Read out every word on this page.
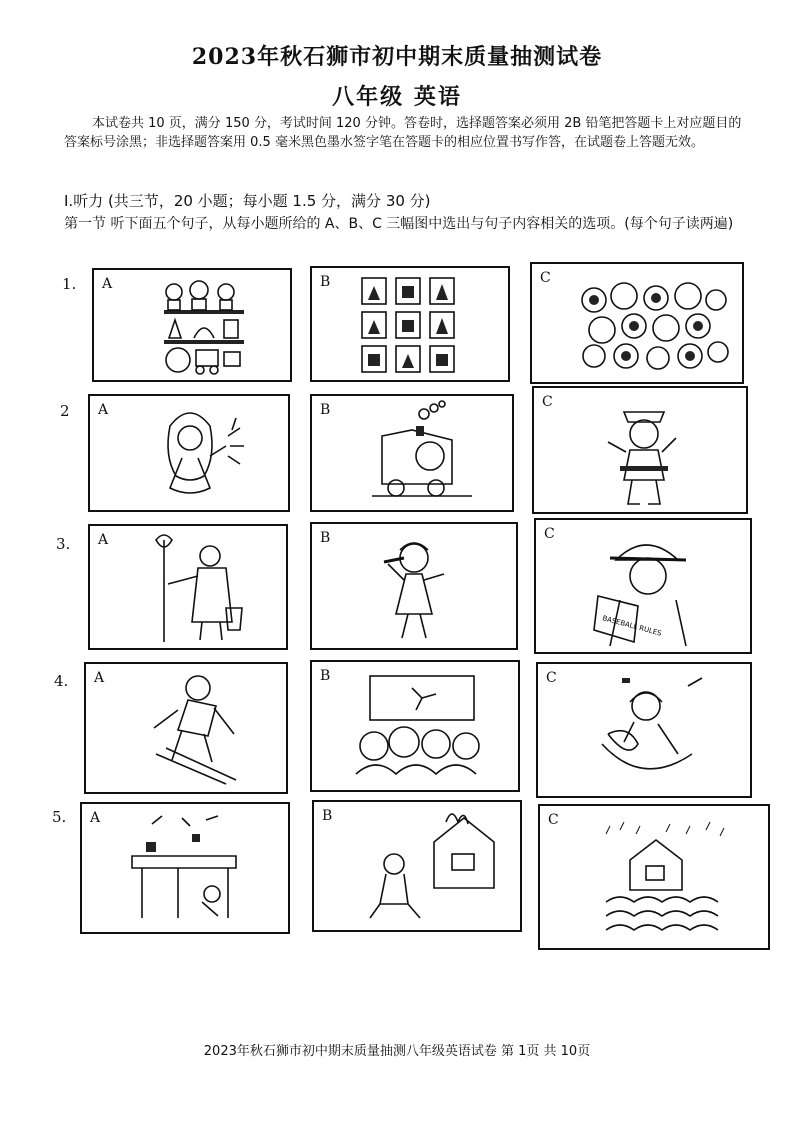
2023年秋石狮市初中期末质量抽测试卷
八年级 英语
本试卷共 10 页，满分 150 分，考试时间 120 分钟。答卷时，选择题答案必须用 2B 铅笔把答题卡上对应题目的答案标号涂黑；非选择题答案用 0.5 毫米黑色墨水签字笔在答题卡的相应位置书写作答，在试题卷上答题无效。
Ⅰ.听力 (共三节，20 小题；每小题 1.5 分，满分 30 分)
第一节 听下面五个句子，从每小题所给的 A、B、C 三幅图中选出与句子内容相关的选项。(每个句子读两遍)
1. A	B	C
2 A	B	C
3. A	B	C
BASEBALL RULES
4. A	B	C
5. A	B	C
2023年秋石狮市初中期末质量抽测八年级英语试卷 第 1页 共 10页
